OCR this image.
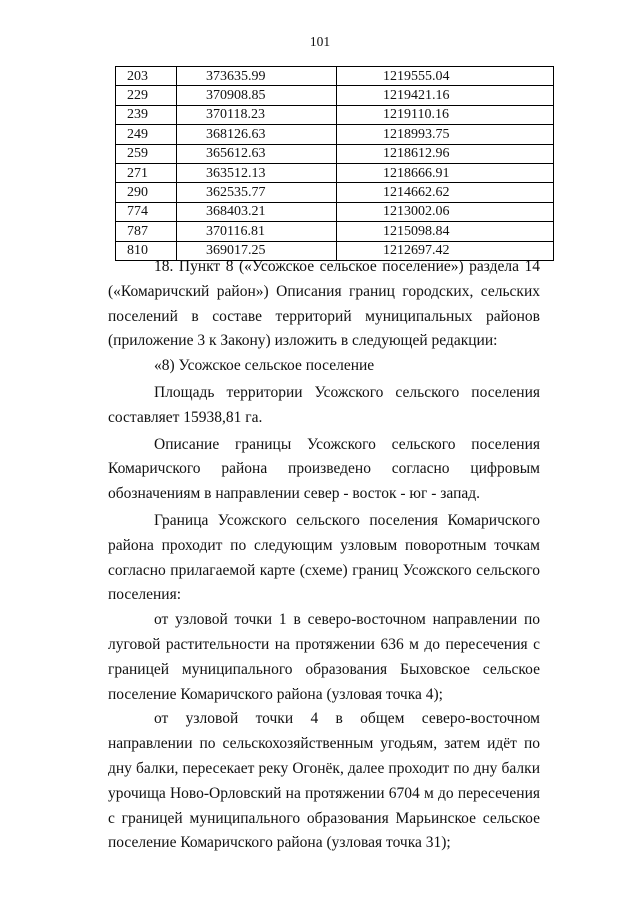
101
203	373635.99	1219555.04
229	370908.85	1219421.16
239	370118.23	1219110.16
249	368126.63	1218993.75
259	365612.63	1218612.96
271	363512.13	1218666.91
290	362535.77	1214662.62
774	368403.21	1213002.06
787	370116.81	1215098.84
810	369017.25	1212697.42

18. Пункт 8 («Усожское сельское поселение») раздела 14 («Комаричский район») Описания границ городских, сельских поселений в составе территорий муниципальных районов (приложение 3 к Закону) изложить в следующей редакции:

«8) Усожское сельское поселение

Площадь территории Усожского сельского поселения составляет 15938,81 га.

Описание границы Усожского сельского поселения Комаричского района произведено согласно цифровым обозначениям в направлении север - восток - юг - запад.

Граница Усожского сельского поселения Комаричского района проходит по следующим узловым поворотным точкам согласно прилагаемой карте (схеме) границ Усожского сельского поселения:

от узловой точки 1 в северо-восточном направлении по луговой растительности на протяжении 636 м до пересечения с границей муниципального образования Быховское сельское поселение Комаричского района (узловая точка 4);

от узловой точки 4 в общем северо-восточном направлении по сельскохозяйственным угодьям, затем идёт по дну балки, пересекает реку Огонёк, далее проходит по дну балки урочища Ново-Орловский на протяжении 6704 м до пересечения с границей муниципального образования Марьинское сельское поселение Комаричского района (узловая точка 31);
